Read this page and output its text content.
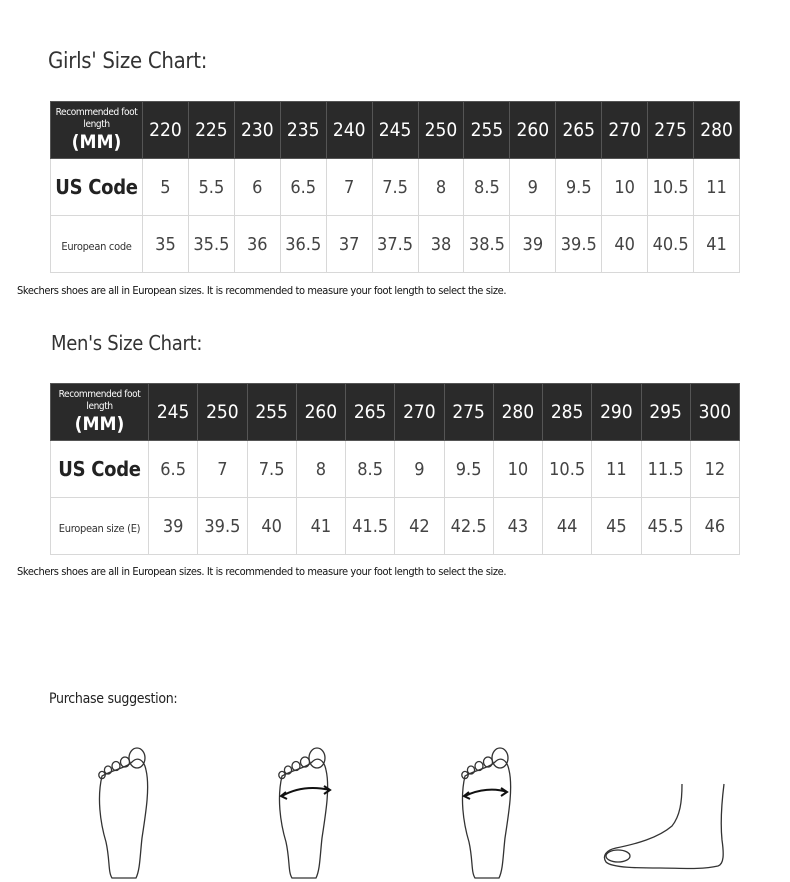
Girls' Size Chart:
Recommended foot length
(MM)	220	225	230	235	240	245	250	255	260	265	270	275	280
US Code	5	5.5	6	6.5	7	7.5	8	8.5	9	9.5	10	10.5	11
European code	35	35.5	36	36.5	37	37.5	38	38.5	39	39.5	40	40.5	41
Skechers shoes are all in European sizes. It is recommended to measure your foot length to select the size.
Men's Size Chart:
Recommended foot length
(MM)	245	250	255	260	265	270	275	280	285	290	295	300
US Code	6.5	7	7.5	8	8.5	9	9.5	10	10.5	11	11.5	12
European size (E)	39	39.5	40	41	41.5	42	42.5	43	44	45	45.5	46
Skechers shoes are all in European sizes. It is recommended to measure your foot length to select the size.
Purchase suggestion:
